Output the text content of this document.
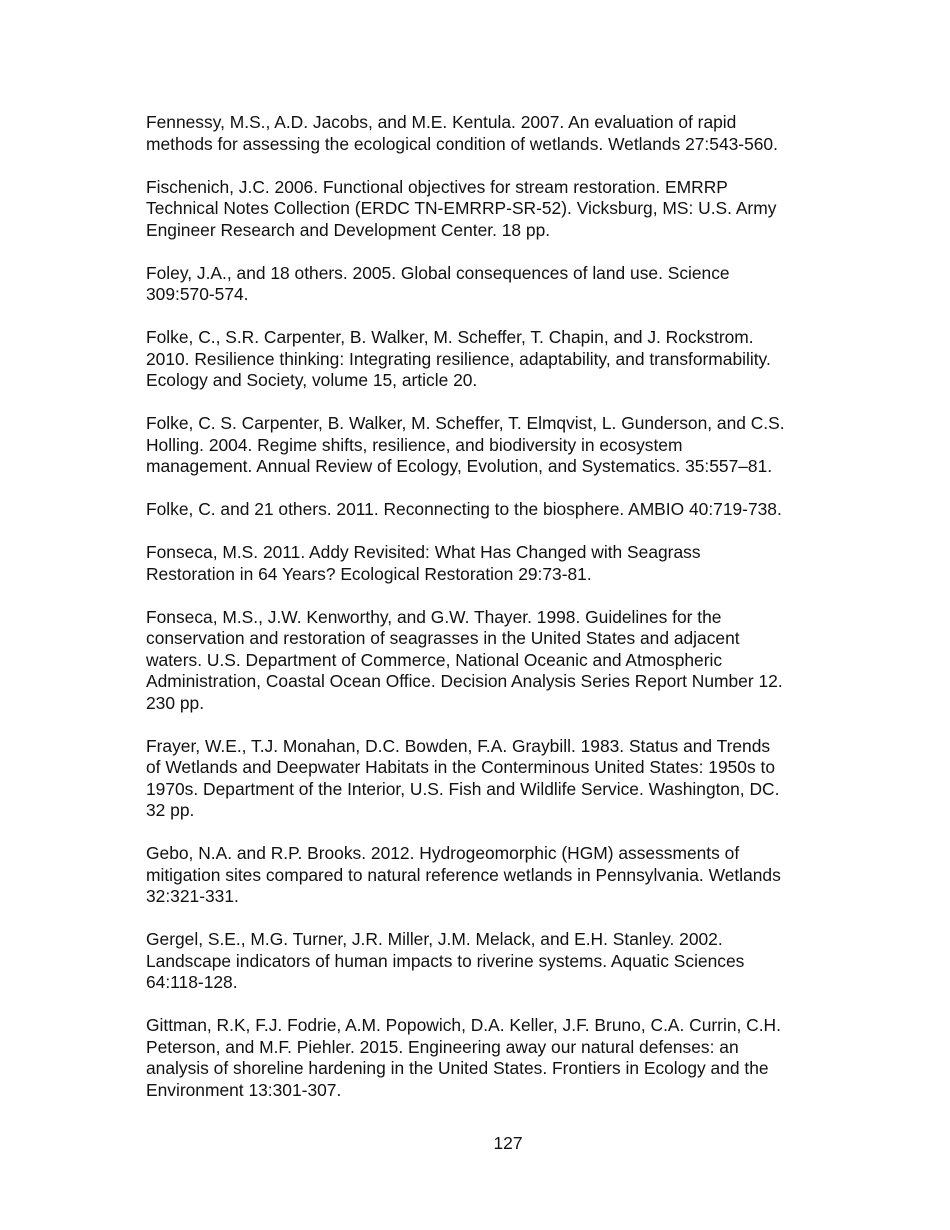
Fennessy, M.S., A.D. Jacobs, and M.E. Kentula. 2007. An evaluation of rapid
methods for assessing the ecological condition of wetlands. Wetlands 27:543-560.
Fischenich, J.C. 2006. Functional objectives for stream restoration. EMRRP
Technical Notes Collection (ERDC TN-EMRRP-SR-52). Vicksburg, MS: U.S. Army
Engineer Research and Development Center. 18 pp.
Foley, J.A., and 18 others. 2005. Global consequences of land use. Science
309:570-574.
Folke, C., S.R. Carpenter, B. Walker, M. Scheffer, T. Chapin, and J. Rockstrom.
2010. Resilience thinking: Integrating resilience, adaptability, and transformability.
Ecology and Society, volume 15, article 20.
Folke, C. S. Carpenter, B. Walker, M. Scheffer, T. Elmqvist, L. Gunderson, and C.S.
Holling. 2004. Regime shifts, resilience, and biodiversity in ecosystem
management. Annual Review of Ecology, Evolution, and Systematics. 35:557–81.
Folke, C. and 21 others. 2011. Reconnecting to the biosphere. AMBIO 40:719-738.
Fonseca, M.S. 2011. Addy Revisited: What Has Changed with Seagrass
Restoration in 64 Years? Ecological Restoration 29:73-81.
Fonseca, M.S., J.W. Kenworthy, and G.W. Thayer. 1998. Guidelines for the
conservation and restoration of seagrasses in the United States and adjacent
waters. U.S. Department of Commerce, National Oceanic and Atmospheric
Administration, Coastal Ocean Office. Decision Analysis Series Report Number 12.
230 pp.
Frayer, W.E., T.J. Monahan, D.C. Bowden, F.A. Graybill. 1983. Status and Trends
of Wetlands and Deepwater Habitats in the Conterminous United States: 1950s to
1970s. Department of the Interior, U.S. Fish and Wildlife Service. Washington, DC.
32 pp.
Gebo, N.A. and R.P. Brooks. 2012. Hydrogeomorphic (HGM) assessments of
mitigation sites compared to natural reference wetlands in Pennsylvania. Wetlands
32:321-331.
Gergel, S.E., M.G. Turner, J.R. Miller, J.M. Melack, and E.H. Stanley. 2002.
Landscape indicators of human impacts to riverine systems. Aquatic Sciences
64:118-128.
Gittman, R.K, F.J. Fodrie, A.M. Popowich, D.A. Keller, J.F. Bruno, C.A. Currin, C.H.
Peterson, and M.F. Piehler. 2015. Engineering away our natural defenses: an
analysis of shoreline hardening in the United States. Frontiers in Ecology and the
Environment 13:301-307.
127
